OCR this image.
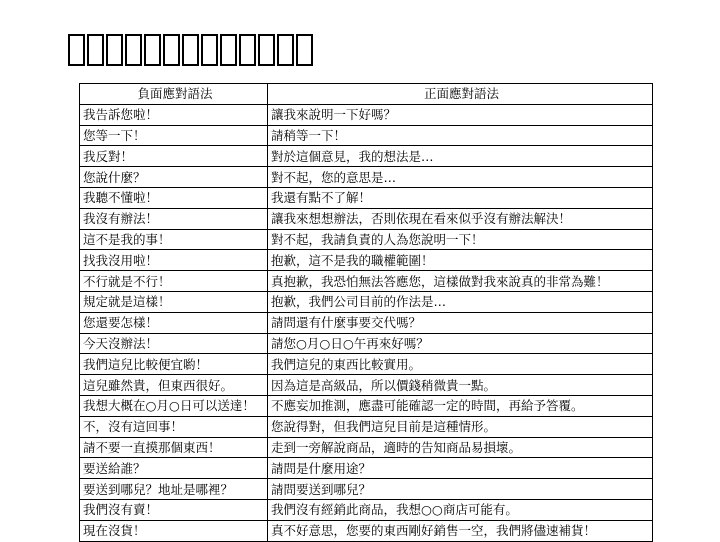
負面應對語法	正面應對語法
我告訴您啦！	讓我來說明一下好嗎？
您等一下！	請稍等一下！
我反對！	對於這個意見，我的想法是…
您說什麼？	對不起，您的意思是…
我聽不懂啦！	我還有點不了解！
我沒有辦法！	讓我來想想辦法，否則依現在看來似乎沒有辦法解決！
這不是我的事！	對不起，我請負責的人為您說明一下！
找我沒用啦！	抱歉，這不是我的職權範圍！
不行就是不行！	真抱歉，我恐怕無法答應您，這樣做對我來說真的非常為難！
規定就是這樣！	抱歉，我們公司目前的作法是…
您還要怎樣！	請問還有什麼事要交代嗎？
今天沒辦法！	請您○月○日○午再來好嗎？
我們這兒比較便宜喲！	我們這兒的東西比較實用。
這兒雖然貴，但東西很好。	因為這是高級品，所以價錢稍微貴一點。
我想大概在○月○日可以送達！	不應妄加推測，應盡可能確認一定的時間，再給予答覆。
不，沒有這回事！	您說得對，但我們這兒目前是這種情形。
請不要一直摸那個東西！	走到一旁解說商品，適時的告知商品易損壞。
要送給誰？	請問是什麼用途？
要送到哪兒？地址是哪裡？	請問要送到哪兒？
我們沒有賣！	我們沒有經銷此商品，我想○○商店可能有。
現在沒貨！	真不好意思，您要的東西剛好銷售一空，我們將儘速補貨！
